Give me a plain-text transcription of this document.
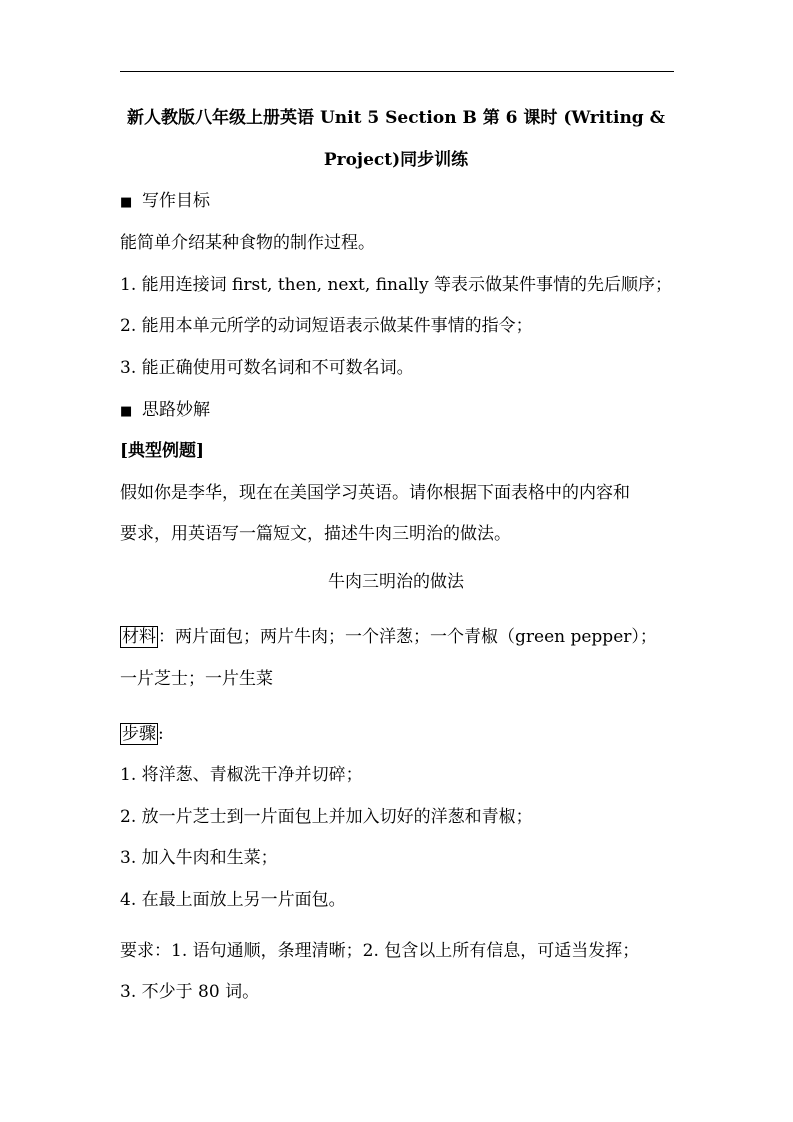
新人教版八年级上册英语 Unit 5 Section B 第 6 课时 (Writing &
Project)同步训练
■ 写作目标
能简单介绍某种食物的制作过程。
1. 能用连接词 first, then, next, finally 等表示做某件事情的先后顺序；
2. 能用本单元所学的动词短语表示做某件事情的指令；
3. 能正确使用可数名词和不可数名词。
■ 思路妙解
[典型例题]
假如你是李华，现在在美国学习英语。请你根据下面表格中的内容和
要求，用英语写一篇短文，描述牛肉三明治的做法。
牛肉三明治的做法
材料 ：两片面包；两片牛肉；一个洋葱；一个青椒（green pepper）；
一片芝士；一片生菜
步骤 :
1. 将洋葱、青椒洗干净并切碎；
2. 放一片芝士到一片面包上并加入切好的洋葱和青椒；
3. 加入牛肉和生菜；
4. 在最上面放上另一片面包。
要求：1. 语句通顺，条理清晰；2. 包含以上所有信息，可适当发挥；
3. 不少于 80 词。
